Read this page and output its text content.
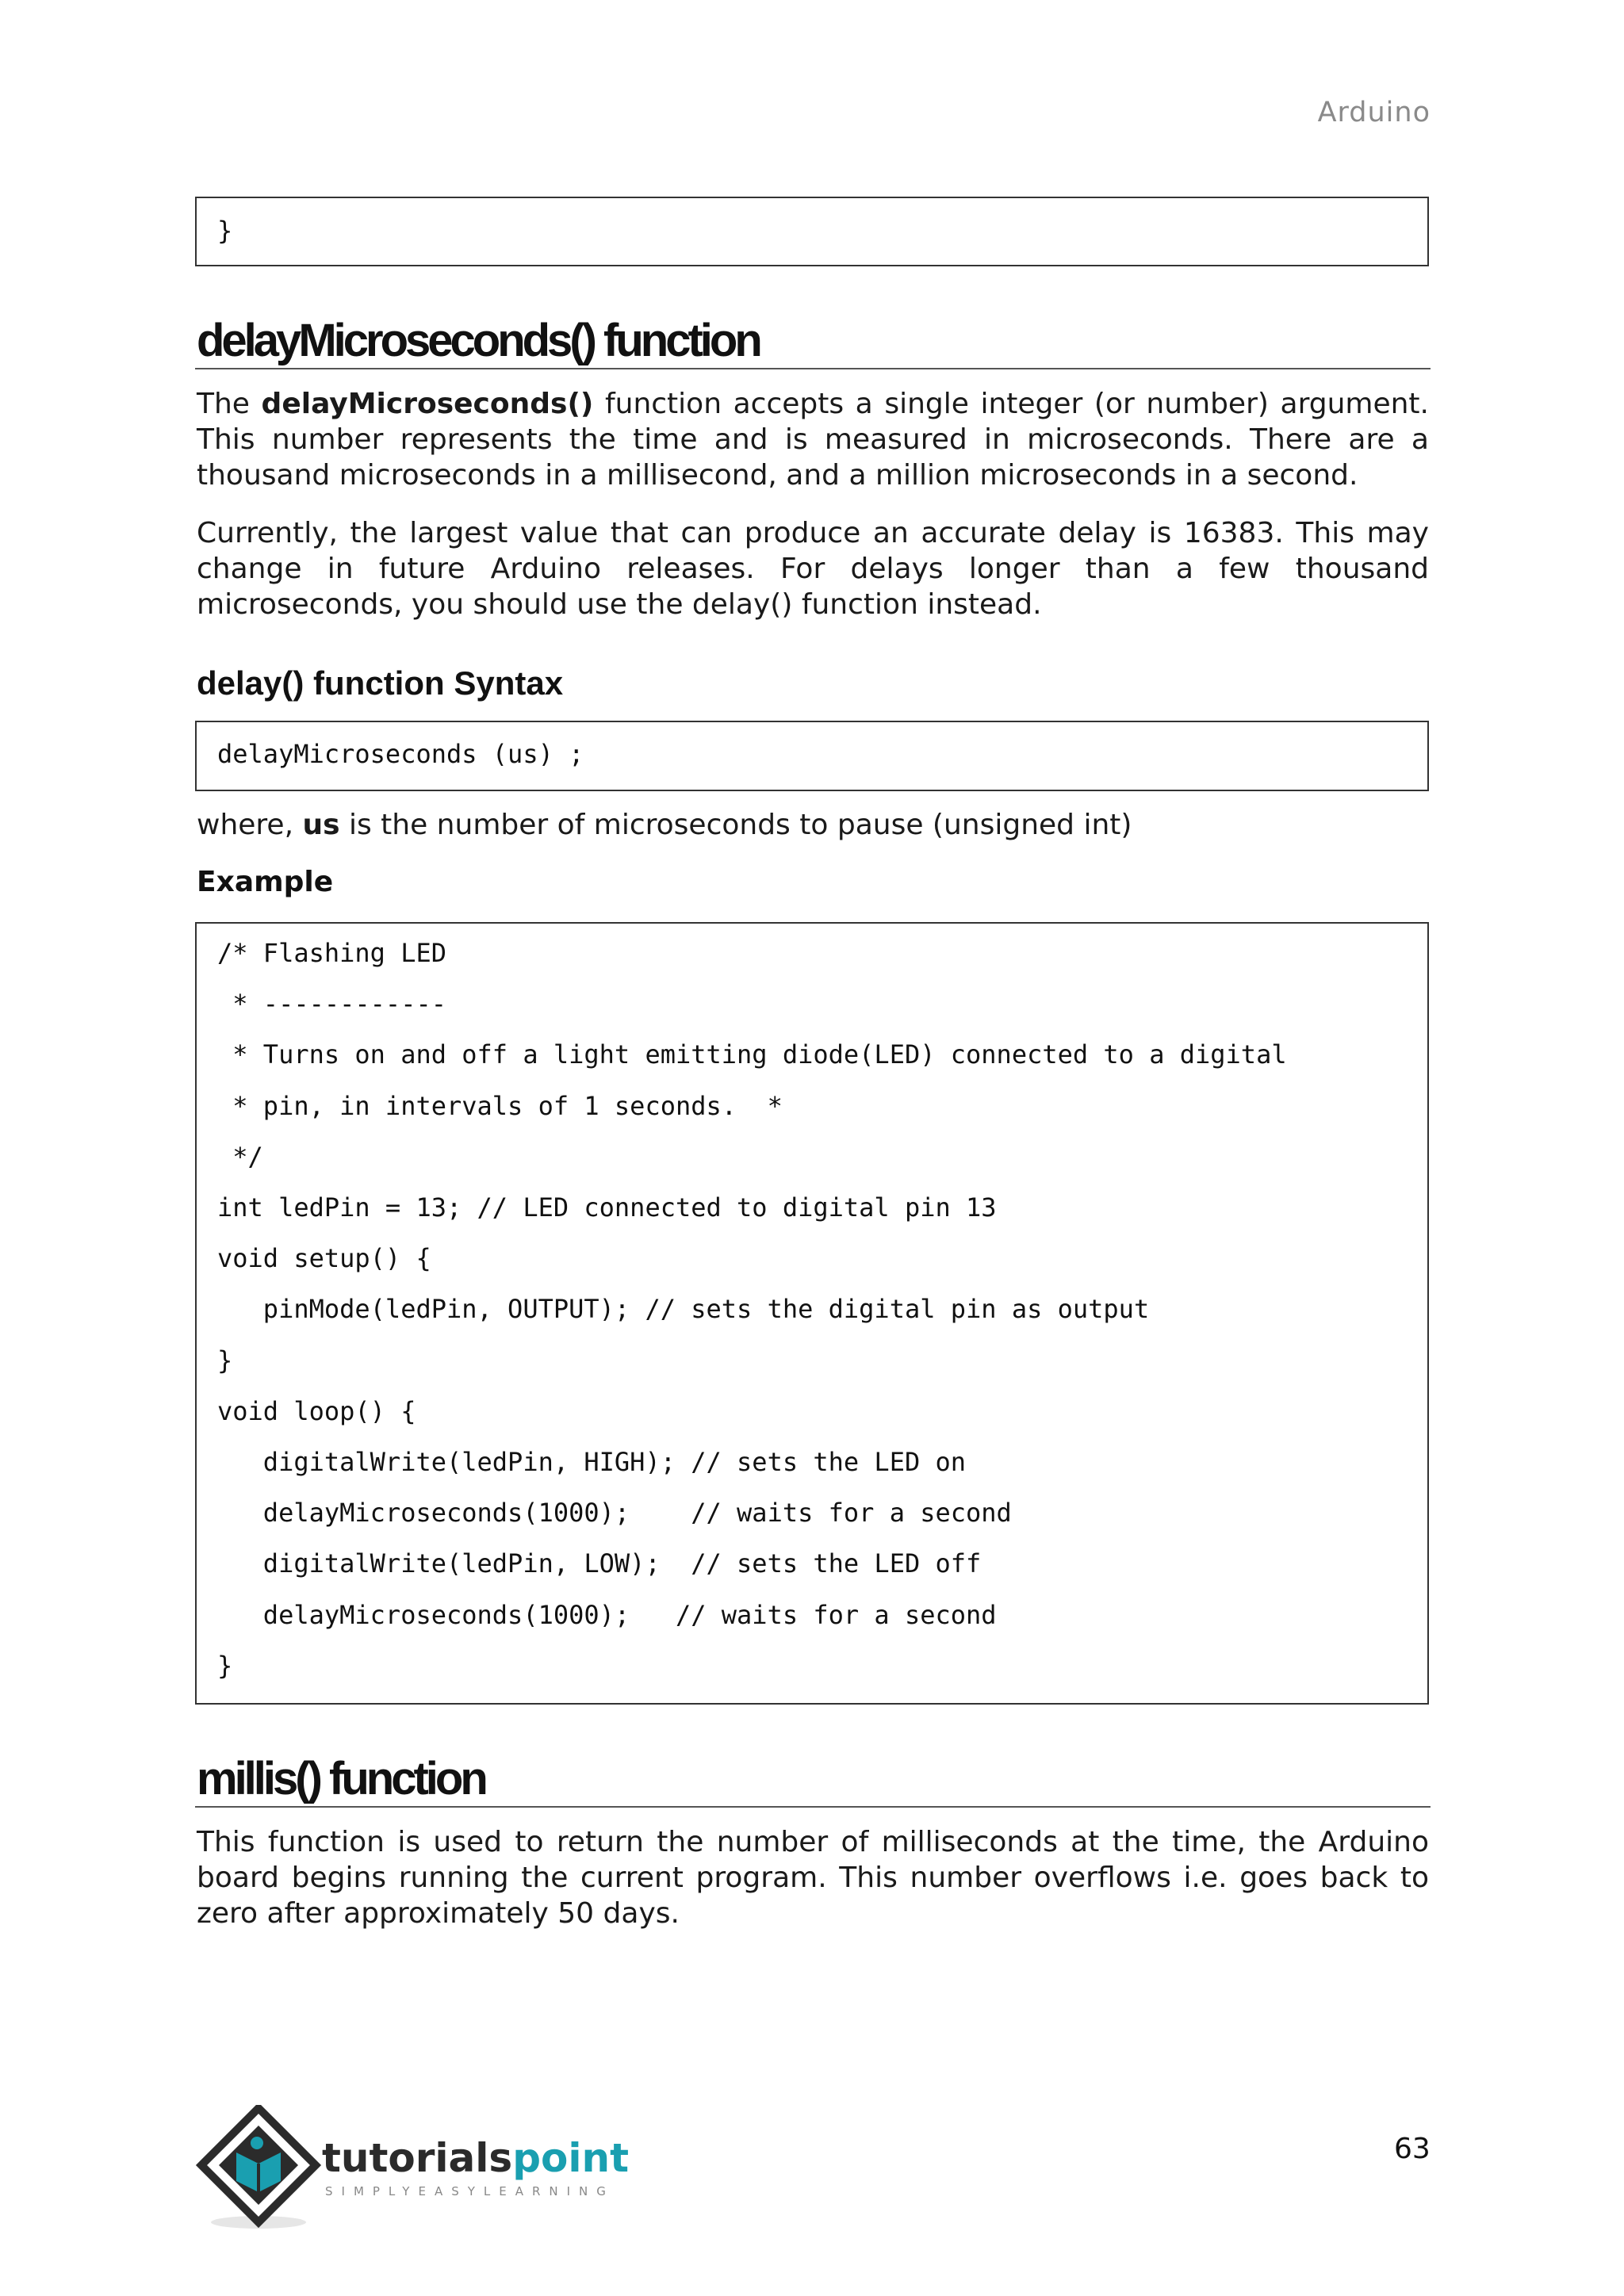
Arduino
}
delayMicroseconds() function
The delayMicroseconds() function accepts a single integer (or number) argument. This number represents the time and is measured in microseconds. There are a thousand microseconds in a millisecond, and a million microseconds in a second.
Currently, the largest value that can produce an accurate delay is 16383. This may change in future Arduino releases. For delays longer than a few thousand microseconds, you should use the delay() function instead.
delay() function Syntax
delayMicroseconds (us) ;
where, us is the number of microseconds to pause (unsigned int)
Example
/* Flashing LED
* ------------
* Turns on and off a light emitting diode(LED) connected to a digital
* pin, in intervals of 1 seconds.  *
*/
int ledPin = 13; // LED connected to digital pin 13
void setup() {
pinMode(ledPin, OUTPUT); // sets the digital pin as output
}
void loop() {
digitalWrite(ledPin, HIGH); // sets the LED on
delayMicroseconds(1000);    // waits for a second
digitalWrite(ledPin, LOW);  // sets the LED off
delayMicroseconds(1000);   // waits for a second
}
millis() function
This function is used to return the number of milliseconds at the time, the Arduino board begins running the current program. This number overflows i.e. goes back to zero after approximately 50 days.
tutorialspoint
SIMPLYEASYLEARNING
63
